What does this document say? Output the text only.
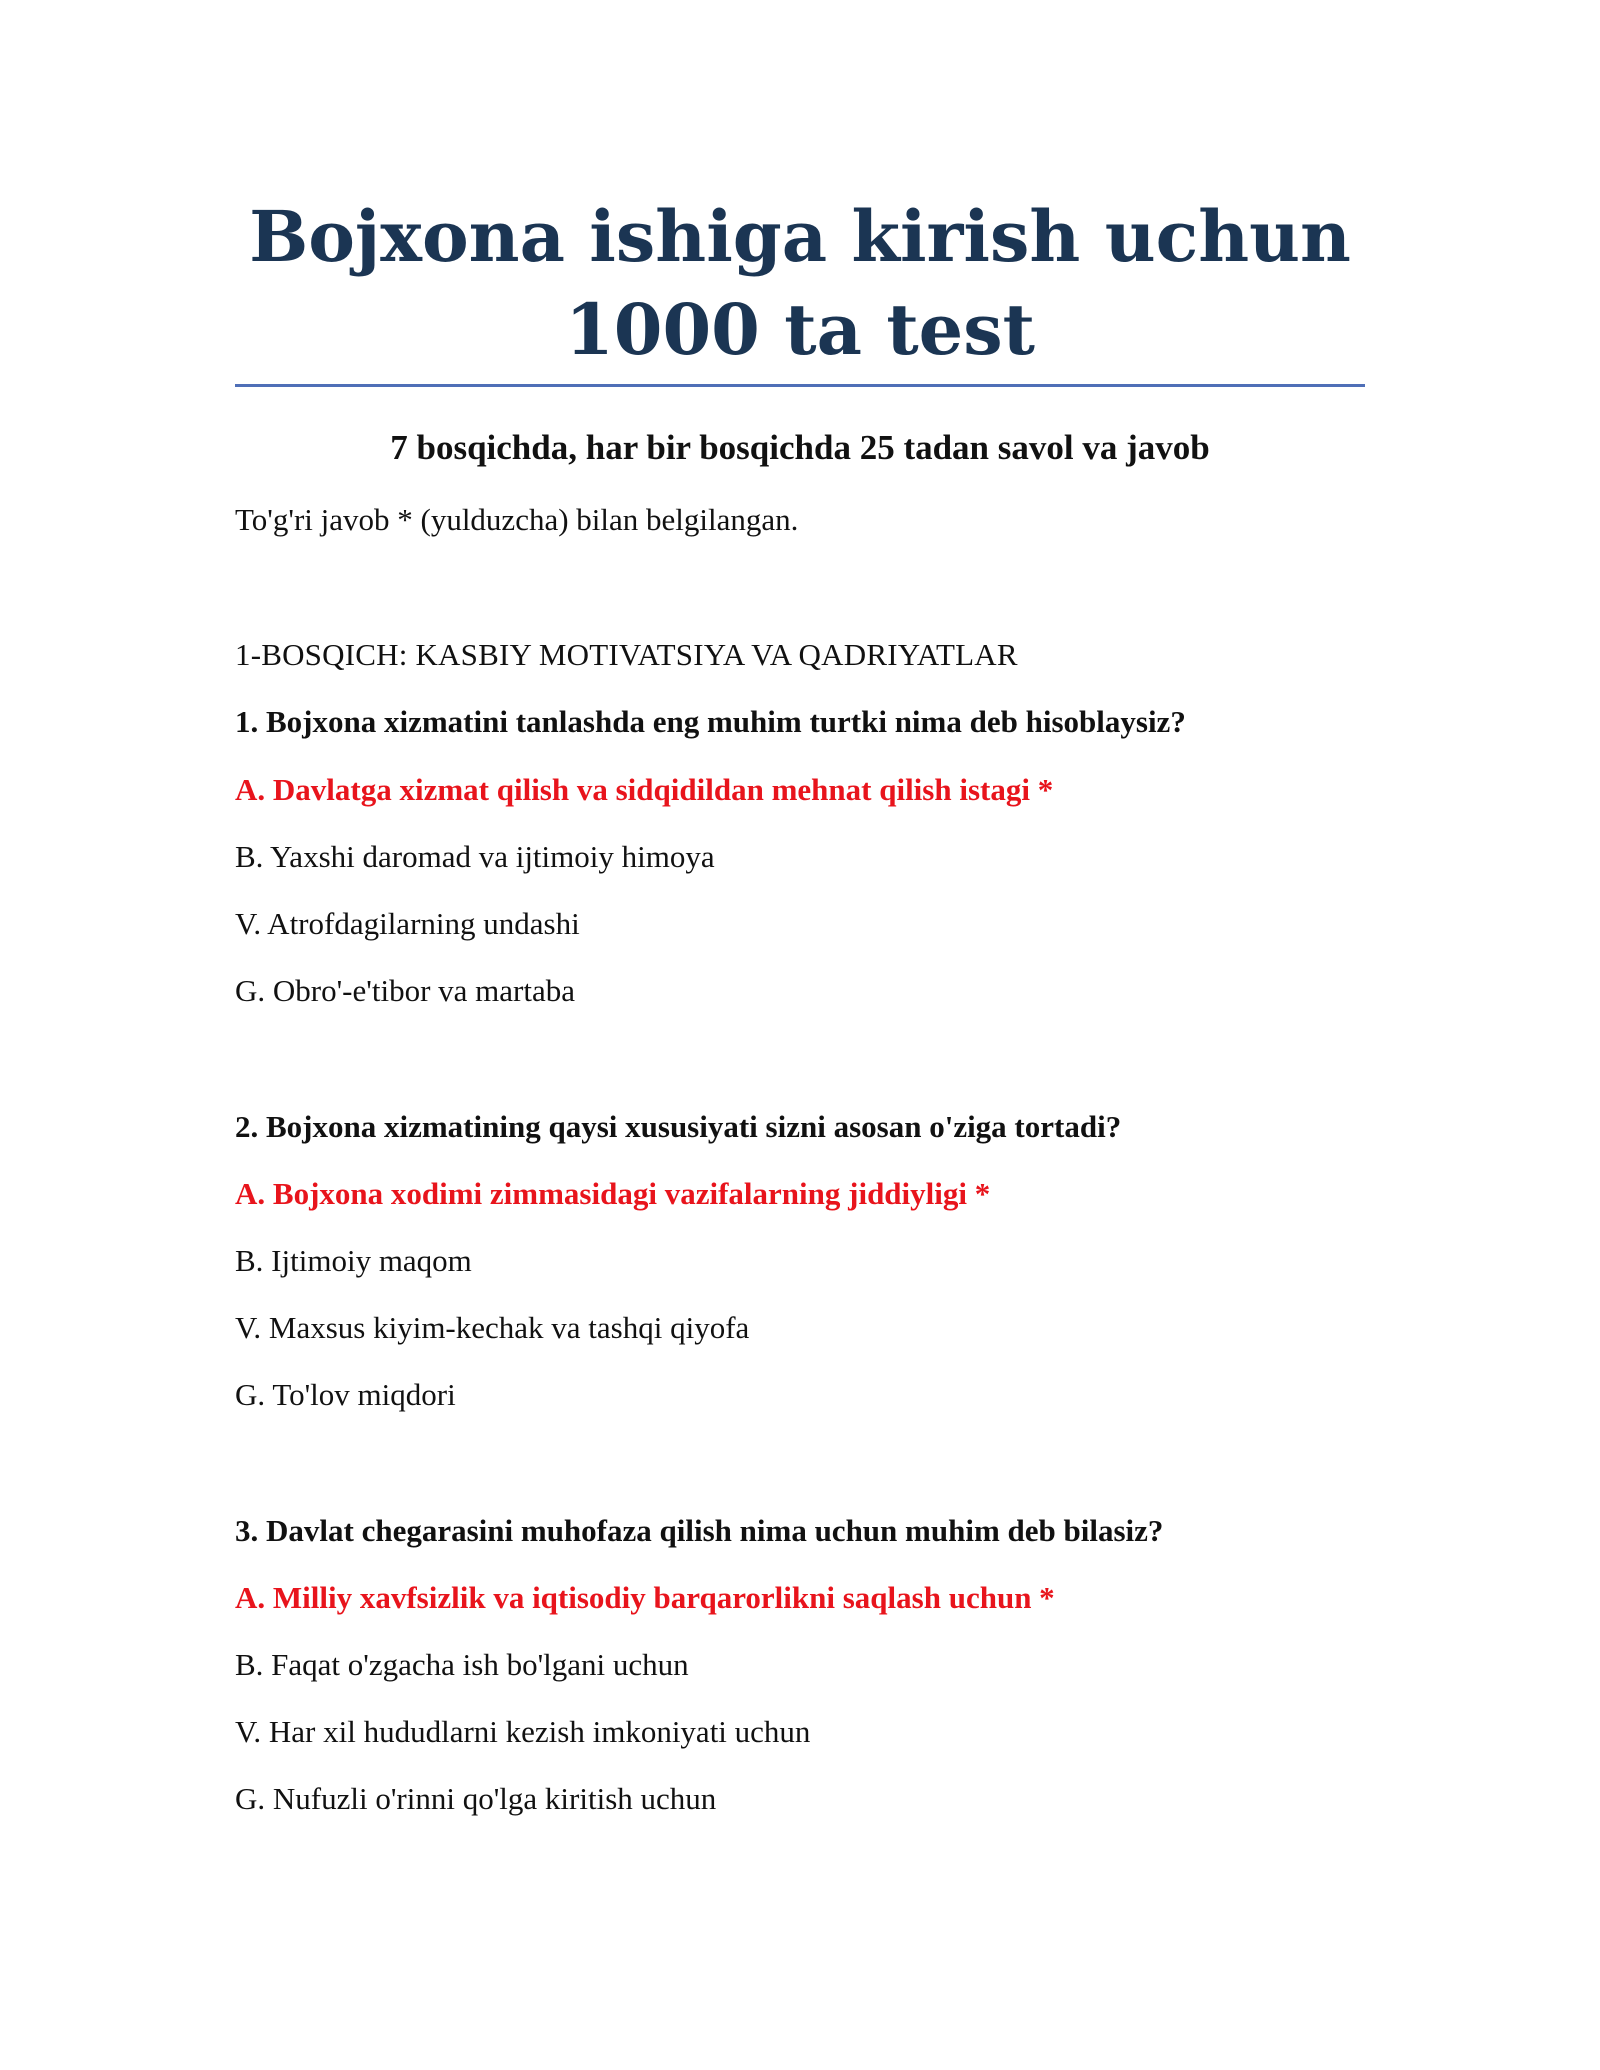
Bojxona ishiga kirish uchun
1000 ta test
7 bosqichda, har bir bosqichda 25 tadan savol va javob

To'g'ri javob * (yulduzcha) bilan belgilangan.

1-BOSQICH: KASBIY MOTIVATSIYA VA QADRIYATLAR

1. Bojxona xizmatini tanlashda eng muhim turtki nima deb hisoblaysiz?

A. Davlatga xizmat qilish va sidqidildan mehnat qilish istagi *

B. Yaxshi daromad va ijtimoiy himoya

V. Atrofdagilarning undashi

G. Obro'-e'tibor va martaba

2. Bojxona xizmatining qaysi xususiyati sizni asosan o'ziga tortadi?

A. Bojxona xodimi zimmasidagi vazifalarning jiddiyligi *

B. Ijtimoiy maqom

V. Maxsus kiyim-kechak va tashqi qiyofa

G. To'lov miqdori

3. Davlat chegarasini muhofaza qilish nima uchun muhim deb bilasiz?

A. Milliy xavfsizlik va iqtisodiy barqarorlikni saqlash uchun *

B. Faqat o'zgacha ish bo'lgani uchun

V. Har xil hududlarni kezish imkoniyati uchun

G. Nufuzli o'rinni qo'lga kiritish uchun
